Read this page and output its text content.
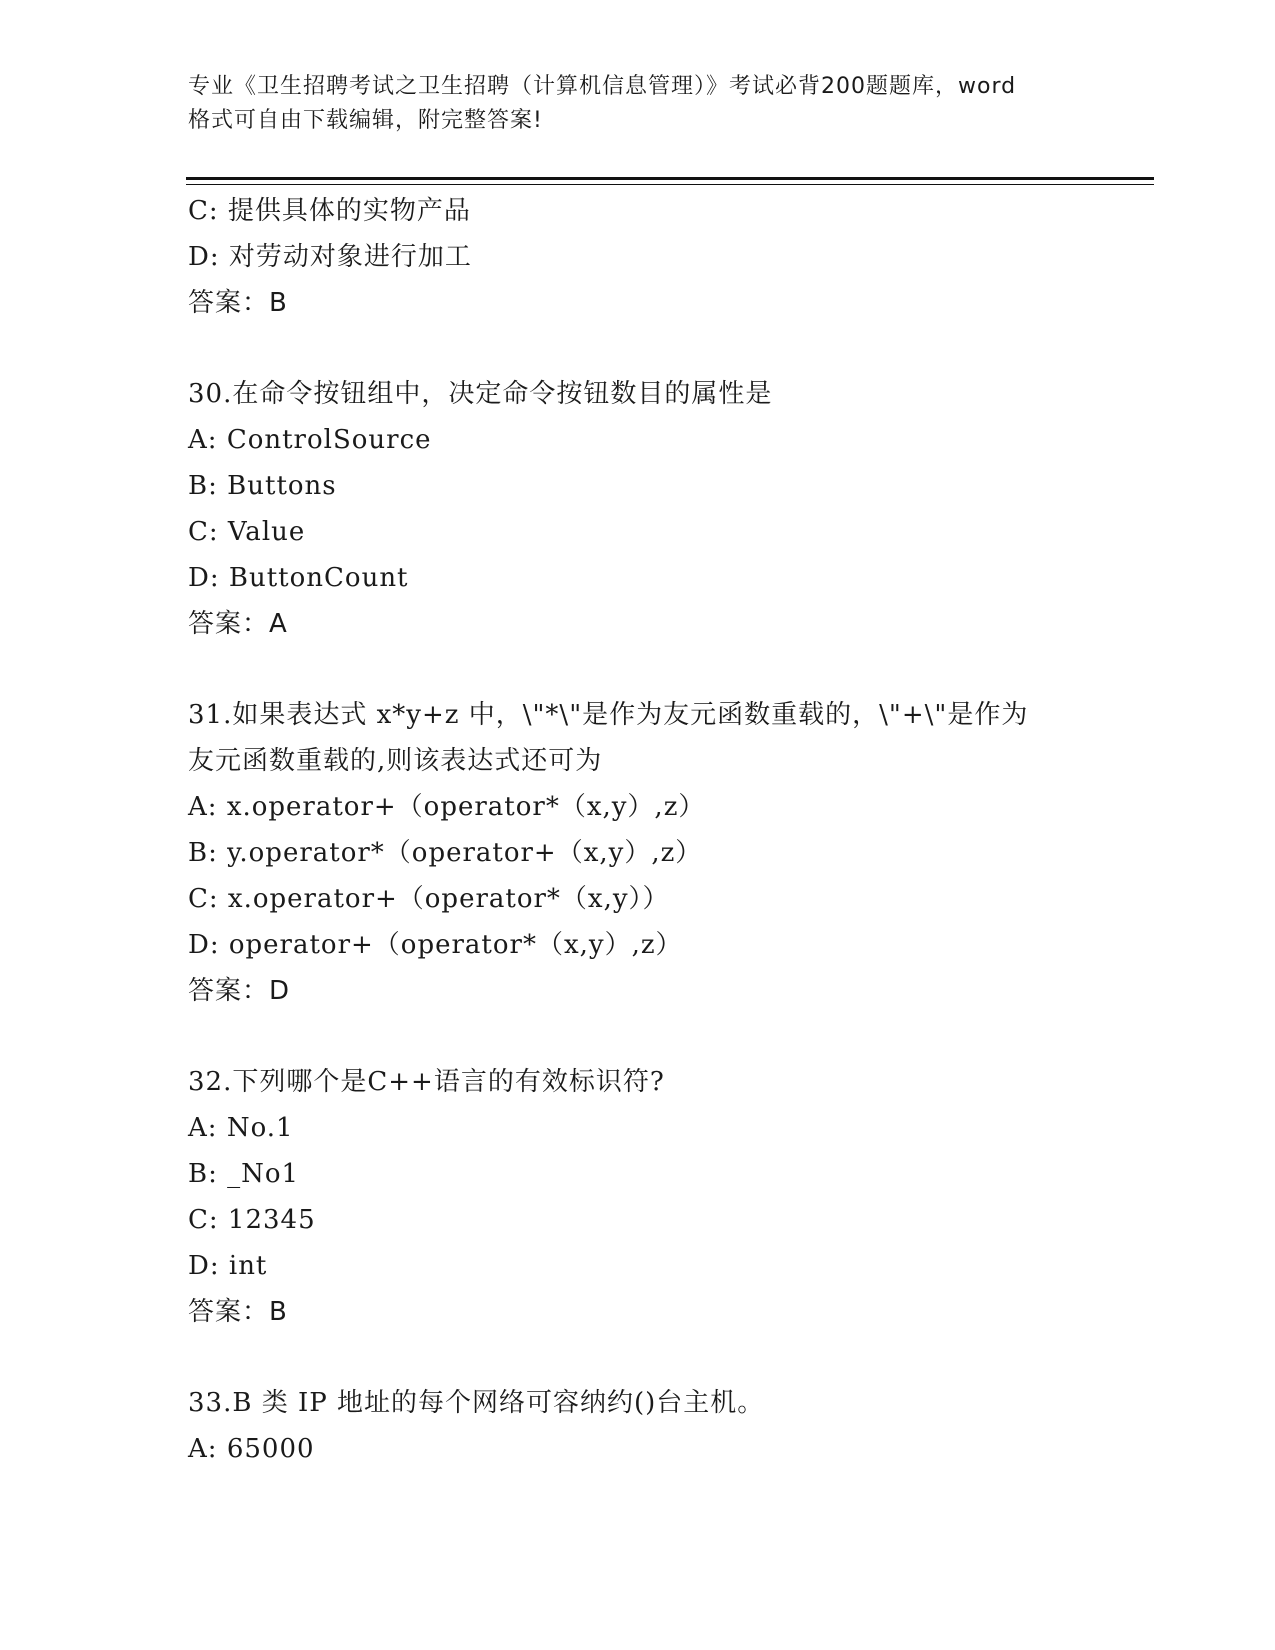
专业《卫生招聘考试之卫生招聘（计算机信息管理）》考试必背200题题库，word
格式可自由下载编辑，附完整答案!
C: 提供具体的实物产品
D: 对劳动对象进行加工
答案：B
30.在命令按钮组中，决定命令按钮数目的属性是
A: ControlSource
B: Buttons
C: Value
D: ButtonCount
答案：A
31.如果表达式 x*y+z 中，\"*\"是作为友元函数重载的，\"+\"是作为
友元函数重载的,则该表达式还可为
A: x.operator+（operator*（x,y）,z）
B: y.operator*（operator+（x,y）,z）
C: x.operator+（operator*（x,y））
D: operator+（operator*（x,y）,z）
答案：D
32.下列哪个是C++语言的有效标识符?
A: No.1
B: _No1
C: 12345
D: int
答案：B
33.B 类 IP 地址的每个网络可容纳约()台主机。
A: 65000
